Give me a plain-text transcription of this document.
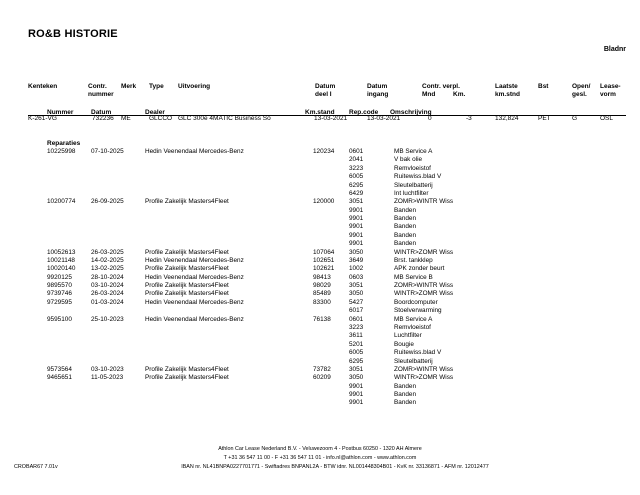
RO&B HISTORIE
Bladnr
Kenteken	Contr.
nummer
Merk Type Uitvoering	Datum
deel I
Datum
ingang
Contr. verpl.
Mnd	Km.
Laatste
km.stnd
Bst	Open/
gesl.
Lease-
vorm
Nummer	Datum	Dealer	Km.stand Rep.code Omschrijving
K-261-VG	732236 ME	GLCCO GLC 300e 4MATIC Business So	13-03-2021	13-03-2021	0	-3	132,824	PET	G	OSL
Reparaties
10225998 07-10-2025	Hedin Veenendaal Mercedes-Benz	120234 0601	MB Service A
2041	V bak olie
3223	Remvloeistof
6005	Ruitewiss.blad V
6295	Sleutelbatterij
6429	Int luchtfilter
10200774 26-09-2025	Profile Zakelijk Masters4Fleet	120000 3051	ZOMR>WINTR Wiss
9901	Banden
9901	Banden
9901	Banden
9901	Banden
9901	Banden
10052613 26-03-2025	Profile Zakelijk Masters4Fleet	107064 3050	WINTR>ZOMR Wiss
10021148	14-02-2025	Hedin Veenendaal Mercedes-Benz	102651 3649	Brst. tankklep
10020140 13-02-2025	Profile Zakelijk Masters4Fleet	102621 1002	APK zonder beurt
9920125	28-10-2024	Hedin Veenendaal Mercedes-Benz	98413	0603	MB Service B
9895570	03-10-2024	Profile Zakelijk Masters4Fleet	98029	3051	ZOMR>WINTR Wiss
9739746	26-03-2024	Profile Zakelijk Masters4Fleet	85489	3050	WINTR>ZOMR Wiss
9729595	01-03-2024	Hedin Veenendaal Mercedes-Benz	83300	5427	Boordcomputer
6017	Stoelverwarming
9595100	25-10-2023	Hedin Veenendaal Mercedes-Benz	76138	0601	MB Service A
3223	Remvloeistof
3611	Luchtfilter
5201	Bougie
6005	Ruitewiss.blad V
6295	Sleutelbatterij
9573564	03-10-2023	Profile Zakelijk Masters4Fleet	73782	3051	ZOMR>WINTR Wiss
9465651	11-05-2023	Profile Zakelijk Masters4Fleet	60209	3050	WINTR>ZOMR Wiss
9901	Banden
9901	Banden
9901	Banden
Athlon Car Lease Nederland B.V. - Veluwezoom 4 - Postbus 60250 - 1320 AH Almere
T +31 36 547 11 00 - F +31 36 547 11 01 - info.nl@athlon.com - www.athlon.com
IBAN nr. NL41BNPA0227701771 - Swiftadres BNPANL2A - BTW idnr. NL001448304B01 - KvK nr. 33136871 - AFM nr. 12012477
CROBAR67 7.01v
